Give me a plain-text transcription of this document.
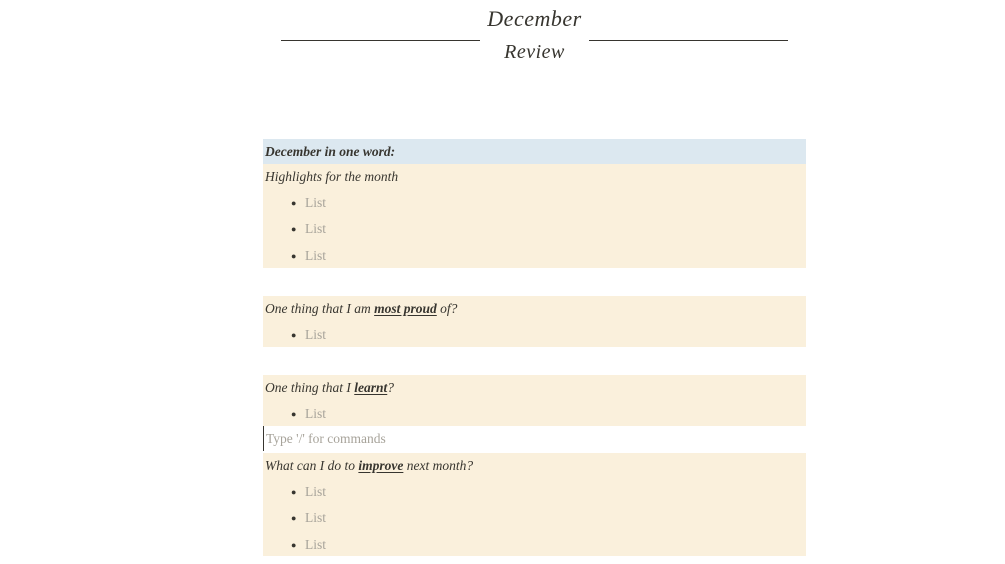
December
Review
December in one word:
Highlights for the month
● List
● List
● List
One thing that I am most proud of?
● List
One thing that I learnt?
● List
Type '/' for commands
What can I do to improve next month?
● List
● List
● List
